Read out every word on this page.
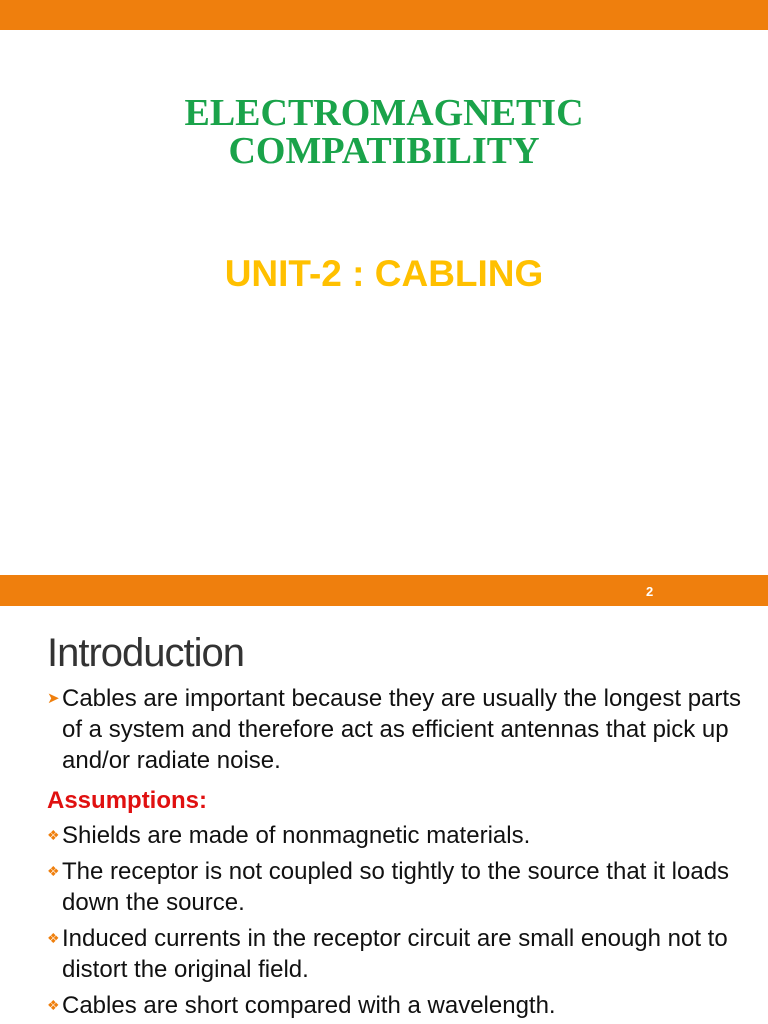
ELECTROMAGNETIC
COMPATIBILITY
UNIT-2 : CABLING
2
Introduction
➤ Cables are important because they are usually the longest parts of a system and therefore act as efficient antennas that pick up and/or radiate noise.
Assumptions:
❖ Shields are made of nonmagnetic materials.
❖ The receptor is not coupled so tightly to the source that it loads down the source.
❖ Induced currents in the receptor circuit are small enough not to distort the original field.
❖ Cables are short compared with a wavelength.
